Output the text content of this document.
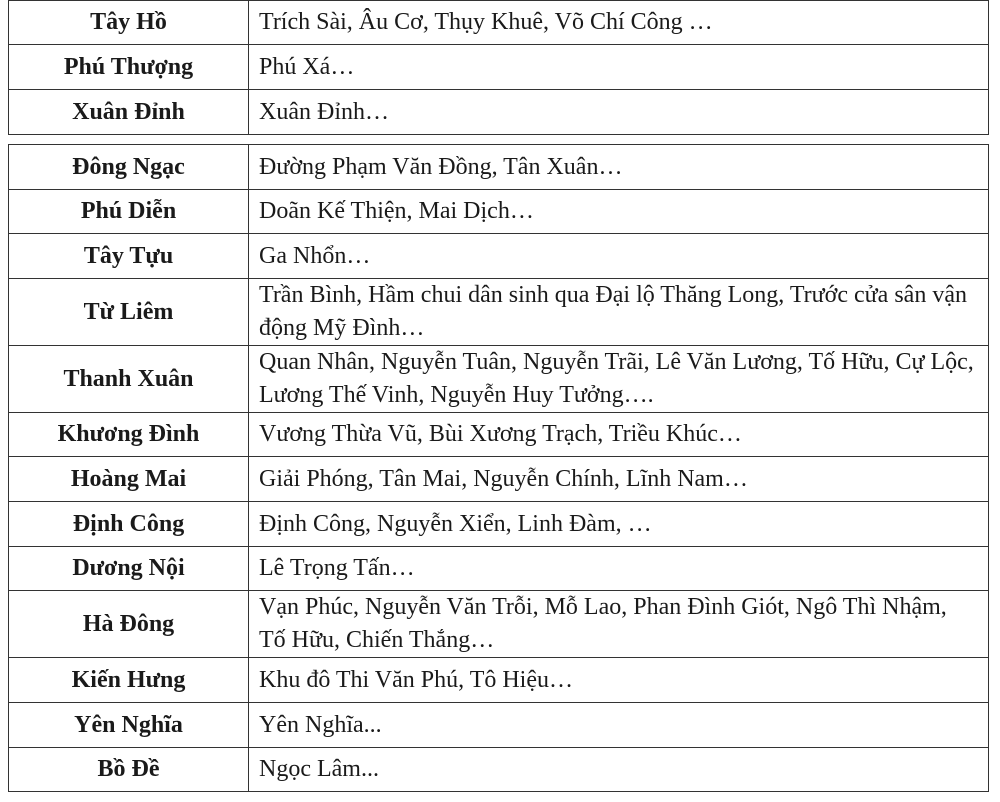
Tây Hồ	Trích Sài, Âu Cơ, Thụy Khuê, Võ Chí Công …
Phú Thượng	Phú Xá…
Xuân Đỉnh	Xuân Đỉnh…
Đông Ngạc	Đường Phạm Văn Đồng, Tân Xuân…
Phú Diễn	Doãn Kế Thiện, Mai Dịch…
Tây Tựu	Ga Nhổn…
Từ Liêm	Trần Bình, Hầm chui dân sinh qua Đại lộ Thăng Long, Trước cửa sân vận động Mỹ Đình…
Thanh Xuân	Quan Nhân, Nguyễn Tuân, Nguyễn Trãi, Lê Văn Lương, Tố Hữu, Cự Lộc, Lương Thế Vinh, Nguyễn Huy Tưởng….
Khương Đình	Vương Thừa Vũ, Bùi Xương Trạch, Triều Khúc…
Hoàng Mai	Giải Phóng, Tân Mai, Nguyễn Chính, Lĩnh Nam…
Định Công	Định Công, Nguyễn Xiển, Linh Đàm, …
Dương Nội	Lê Trọng Tấn…
Hà Đông	Vạn Phúc, Nguyễn Văn Trỗi, Mỗ Lao, Phan Đình Giót, Ngô Thì Nhậm, Tố Hữu, Chiến Thắng…
Kiến Hưng	Khu đô Thi Văn Phú, Tô Hiệu…
Yên Nghĩa	Yên Nghĩa...
Bồ Đề	Ngọc Lâm...
